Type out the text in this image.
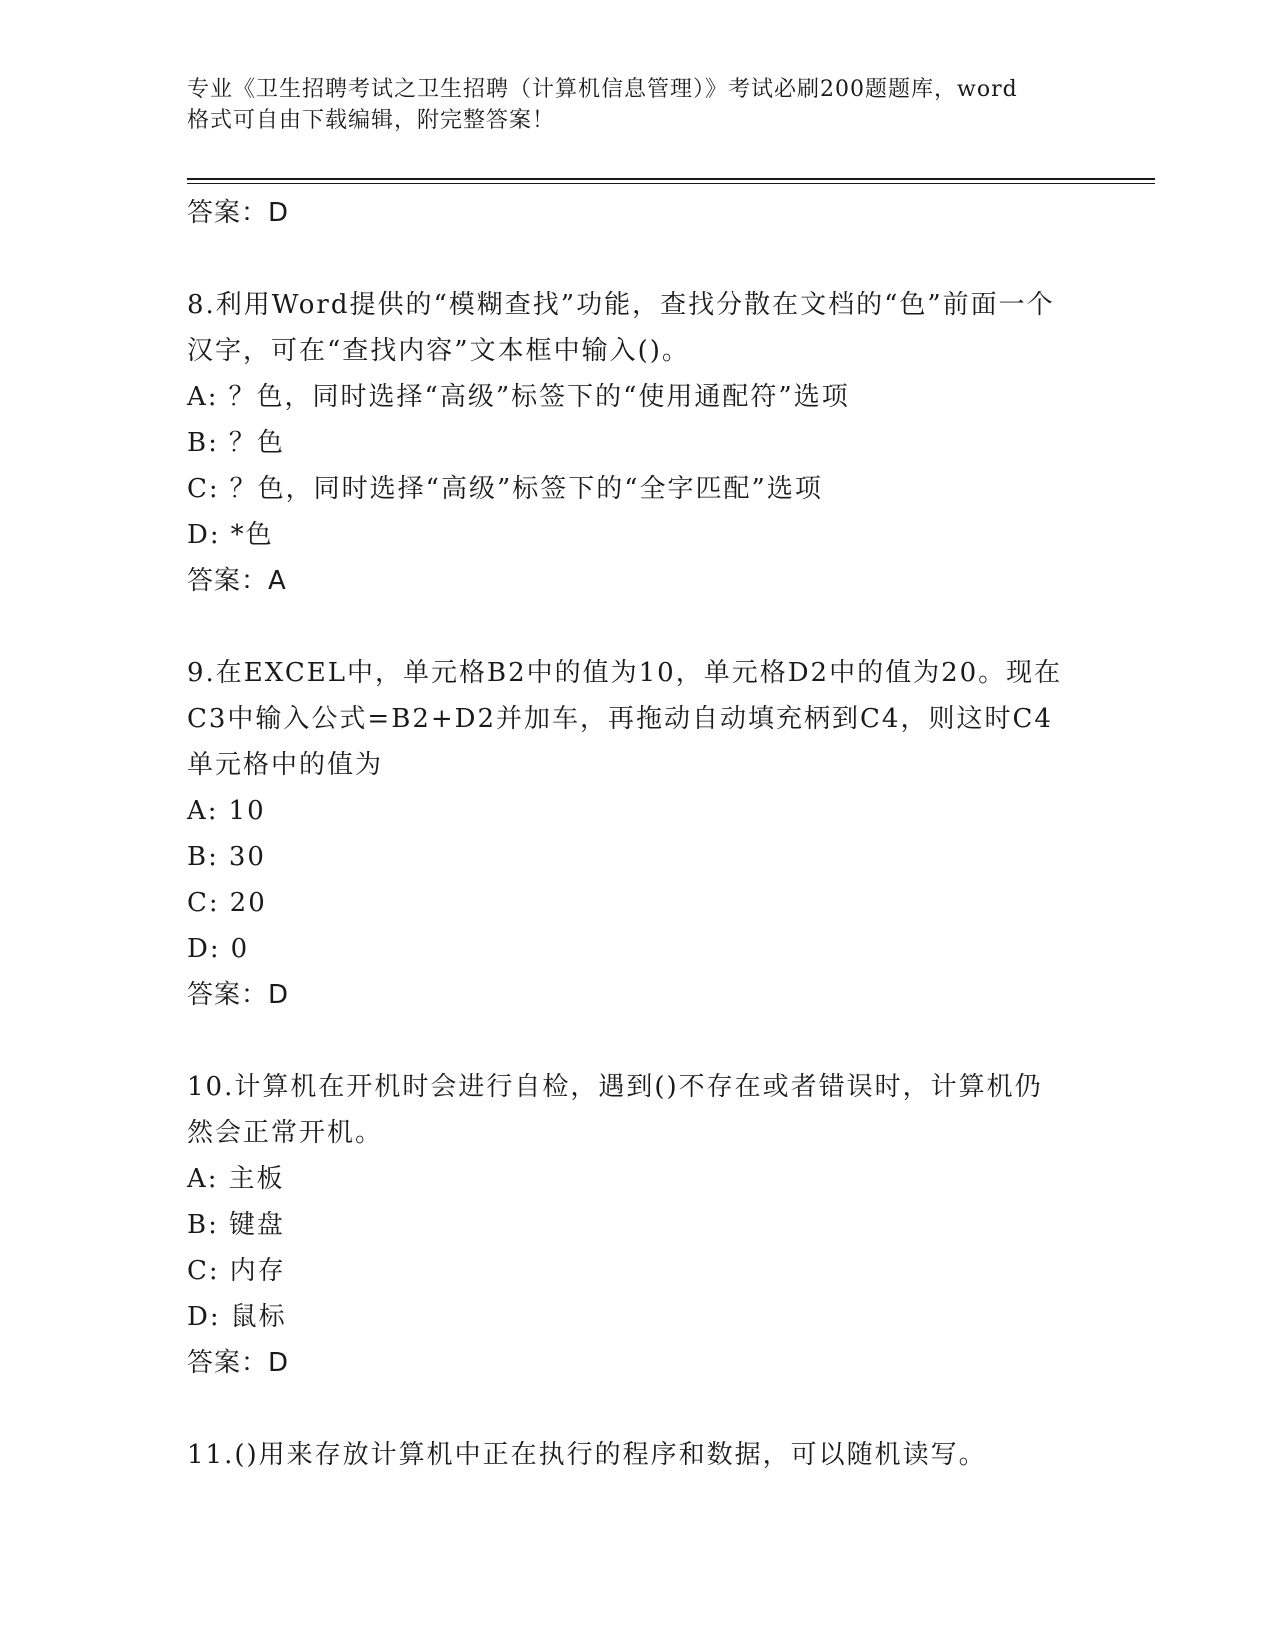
专业《卫生招聘考试之卫生招聘（计算机信息管理）》考试必刷200题题库，word
格式可自由下载编辑，附完整答案！
答案：D
8.利用Word提供的“模糊查找”功能，查找分散在文档的“色”前面一个汉字，可在“查找内容”文本框中输入()。
A: ？色，同时选择“高级”标签下的“使用通配符”选项
B: ？色
C: ？色，同时选择“高级”标签下的“全字匹配”选项
D: *色
答案：A
9.在EXCEL中，单元格B2中的值为10，单元格D2中的值为20。现在C3中输入公式=B2+D2并加车，再拖动自动填充柄到C4，则这时C4单元格中的值为
A: 10
B: 30
C: 20
D: 0
答案：D
10.计算机在开机时会进行自检，遇到()不存在或者错误时，计算机仍然会正常开机。
A: 主板
B: 键盘
C: 内存
D: 鼠标
答案：D
11.()用来存放计算机中正在执行的程序和数据，可以随机读写。
